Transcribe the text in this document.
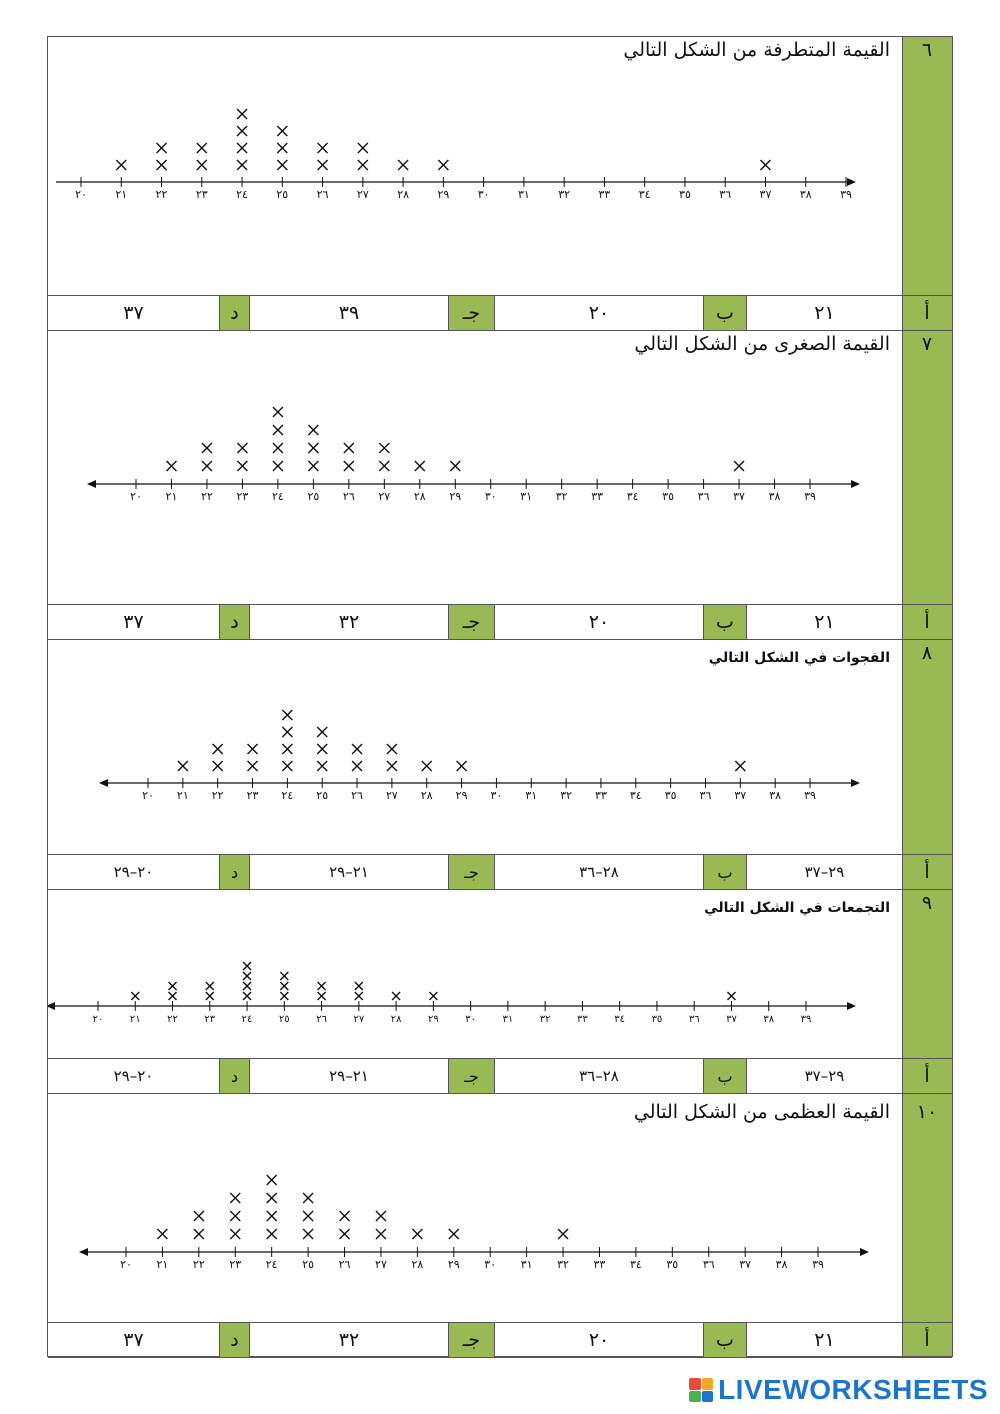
٦
القيمة المتطرفة من الشكل التالي
٢٠	٢١	٢٢	٢٣	٢٤	٢٥	٢٦	٢٧	٢٨	٢٩	٣٠	٣١	٣٢	٣٣	٣٤	٣٥	٣٦	٣٧	٣٨	٣٩
أ
٢١
ب
٢٠
جـ
٣٩
د
٣٧
٧
القيمة الصغرى من الشكل التالي
٢٠ ٢١ ٢٢ ٢٣ ٢٤ ٢٥ ٢٦ ٢٧ ٢٨ ٢٩ ٣٠ ٣١ ٣٢ ٣٣ ٣٤ ٣٥ ٣٦ ٣٧ ٣٨ ٣٩
أ
٢١
ب
٢٠
جـ
٣٢
د
٣٧
٨
الفجوات في الشكل التالي
٢٠ ٢١ ٢٢ ٢٣ ٢٤ ٢٥ ٢٦ ٢٧ ٢٨ ٢٩ ٣٠ ٣١ ٣٢ ٣٣ ٣٤ ٣٥ ٣٦ ٣٧ ٣٨ ٣٩
أ
٢٩–٣٧
ب
٢٨–٣٦
جـ
٢١–٢٩
د
٢٠–٢٩
٩
التجمعات في الشكل التالي
٢٠	٢١	٢٢	٢٣	٢٤	٢٥	٢٦	٢٧	٢٨	٢٩	٣٠	٣١	٣٢	٣٣	٣٤	٣٥	٣٦	٣٧	٣٨	٣٩
أ
٢٩–٣٧
ب
٢٨–٣٦
جـ
٢١–٢٩
د
٢٠–٢٩
١٠
القيمة العظمى من الشكل التالي
٢٠ ٢١ ٢٢ ٢٣ ٢٤ ٢٥ ٢٦ ٢٧ ٢٨ ٢٩ ٣٠ ٣١ ٣٢ ٣٣ ٣٤ ٣٥ ٣٦ ٣٧ ٣٨ ٣٩
أ
٢١
ب
٢٠
جـ
٣٢
د
٣٧
LIVEWORKSHEETS
